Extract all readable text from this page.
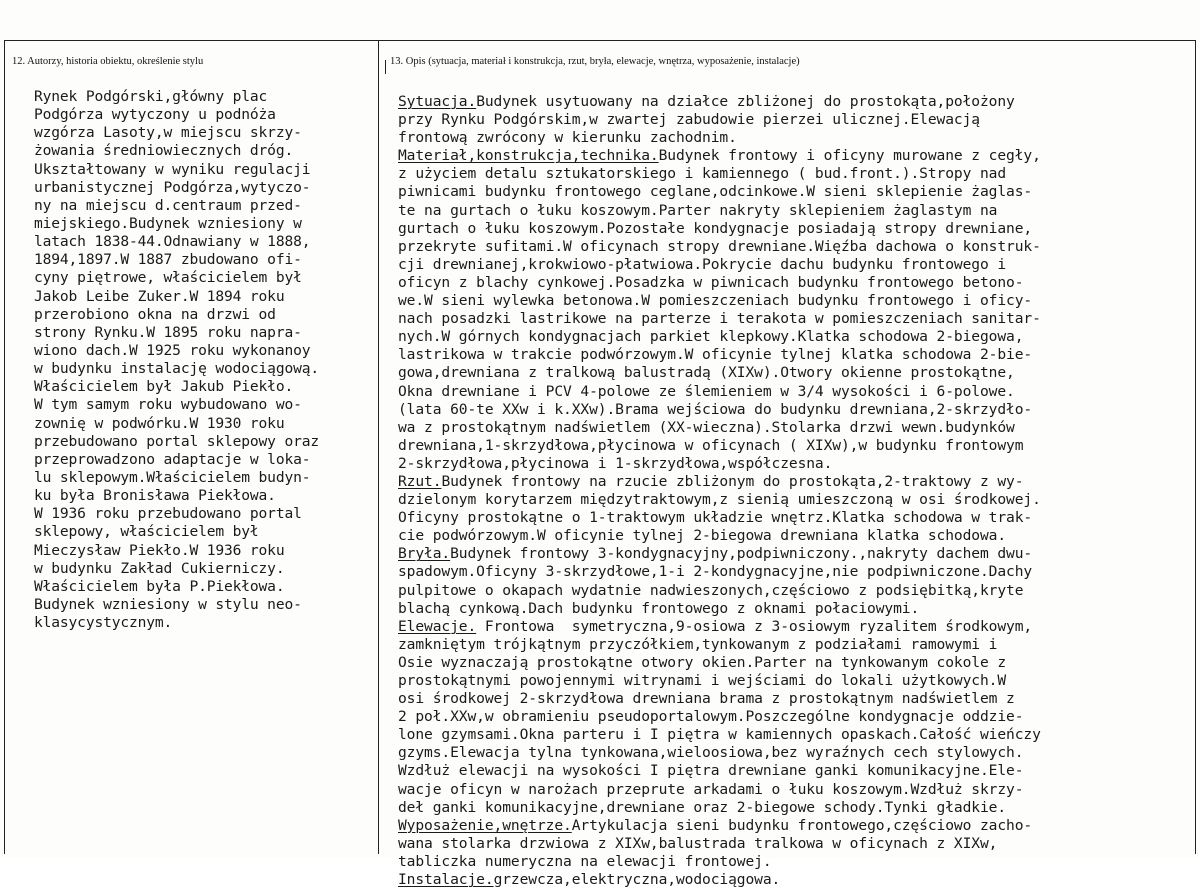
12. Autorzy, historia obiektu, określenie stylu	13. Opis (sytuacja, materiał i konstrukcja, rzut, bryła, elewacje, wnętrza, wyposażenie, instalacje)
Rynek Podgórski,główny plac
Podgórza wytyczony u podnóża
wzgórza Lasoty,w miejscu skrzy-
żowania średniowiecznych dróg.
Ukształtowany w wyniku regulacji
urbanistycznej Podgórza,wytyczo-
ny na miejscu d.centraum przed-
miejskiego.Budynek wzniesiony w
latach 1838-44.Odnawiany w 1888,
1894,1897.W 1887 zbudowano ofi-
cyny piętrowe, właścicielem był
Jakob Leibe Zuker.W 1894 roku
przerobiono okna na drzwi od
strony Rynku.W 1895 roku napra-
wiono dach.W 1925 roku wykonanoy
w budynku instalację wodociągową.
Właścicielem był Jakub Piekło.
W tym samym roku wybudowano wo-
zownię w podwórku.W 1930 roku
przebudowano portal sklepowy oraz
przeprowadzono adaptacje w loka-
lu sklepowym.Właścicielem budyn-
ku była Bronisława Piekłowa.
W 1936 roku przebudowano portal
sklepowy, właścicielem był
Mieczysław Piekło.W 1936 roku
w budynku Zakład Cukierniczy.
Właścicielem była P.Piekłowa.
Budynek wzniesiony w stylu neo-
klasycystycznym.
Sytuacja.Budynek usytuowany na działce zbliżonej do prostokąta,położony
przy Rynku Podgórskim,w zwartej zabudowie pierzei ulicznej.Elewacją
frontową zwrócony w kierunku zachodnim.
Materiał,konstrukcja,technika.Budynek frontowy i oficyny murowane z cegły,
z użyciem detalu sztukatorskiego i kamiennego ( bud.front.).Stropy nad
piwnicami budynku frontowego ceglane,odcinkowe.W sieni sklepienie żaglas-
te na gurtach o łuku koszowym.Parter nakryty sklepieniem żaglastym na
gurtach o łuku koszowym.Pozostałe kondygnacje posiadają stropy drewniane,
przekryte sufitami.W oficynach stropy drewniane.Więźba dachowa o konstruk-
cji drewnianej,krokwiowo-płatwiowa.Pokrycie dachu budynku frontowego i
oficyn z blachy cynkowej.Posadzka w piwnicach budynku frontowego betono-
we.W sieni wylewka betonowa.W pomieszczeniach budynku frontowego i oficy-
nach posadzki lastrikowe na parterze i terakota w pomieszczeniach sanitar-
nych.W górnych kondygnacjach parkiet klepkowy.Klatka schodowa 2-biegowa,
lastrikowa w trakcie podwórzowym.W oficynie tylnej klatka schodowa 2-bie-
gowa,drewniana z tralkową balustradą (XIXw).Otwory okienne prostokątne,
Okna drewniane i PCV 4-polowe ze ślemieniem w 3/4 wysokości i 6-polowe.
(lata 60-te XXw i k.XXw).Brama wejściowa do budynku drewniana,2-skrzydło-
wa z prostokątnym nadświetlem (XX-wieczna).Stolarka drzwi wewn.budynków
drewniana,1-skrzydłowa,płycinowa w oficynach ( XIXw),w budynku frontowym
2-skrzydłowa,płycinowa i 1-skrzydłowa,współczesna.
Rzut.Budynek frontowy na rzucie zbliżonym do prostokąta,2-traktowy z wy-
dzielonym korytarzem międzytraktowym,z sienią umieszczoną w osi środkowej.
Oficyny prostokątne o 1-traktowym układzie wnętrz.Klatka schodowa w trak-
cie podwórzowym.W oficynie tylnej 2-biegowa drewniana klatka schodowa.
Bryła.Budynek frontowy 3-kondygnacyjny,podpiwniczony.,nakryty dachem dwu-
spadowym.Oficyny 3-skrzydłowe,1-i 2-kondygnacyjne,nie podpiwniczone.Dachy
pulpitowe o okapach wydatnie nadwieszonych,częściowo z podsiębitką,kryte
blachą cynkową.Dach budynku frontowego z oknami połaciowymi.
Elewacje. Frontowa  symetryczna,9-osiowa z 3-osiowym ryzalitem środkowym,
zamkniętym trójkątnym przyczółkiem,tynkowanym z podziałami ramowymi i
Osie wyznaczają prostokątne otwory okien.Parter na tynkowanym cokole z
prostokątnymi powojennymi witrynami i wejściami do lokali użytkowych.W
osi środkowej 2-skrzydłowa drewniana brama z prostokątnym nadświetlem z
2 poł.XXw,w obramieniu pseudoportalowym.Poszczególne kondygnacje oddzie-
lone gzymsami.Okna parteru i I piętra w kamiennych opaskach.Całość wieńczy
gzyms.Elewacja tylna tynkowana,wieloosiowa,bez wyraźnych cech stylowych.
Wzdłuż elewacji na wysokości I piętra drewniane ganki komunikacyjne.Ele-
wacje oficyn w narożach przeprute arkadami o łuku koszowym.Wzdłuż skrzy-
deł ganki komunikacyjne,drewniane oraz 2-biegowe schody.Tynki gładkie.
Wyposażenie,wnętrze.Artykulacja sieni budynku frontowego,częściowo zacho-
wana stolarka drzwiowa z XIXw,balustrada tralkowa w oficynach z XIXw,
tabliczka numeryczna na elewacji frontowej.
Instalacje.grzewcza,elektryczna,wodociągowa.
